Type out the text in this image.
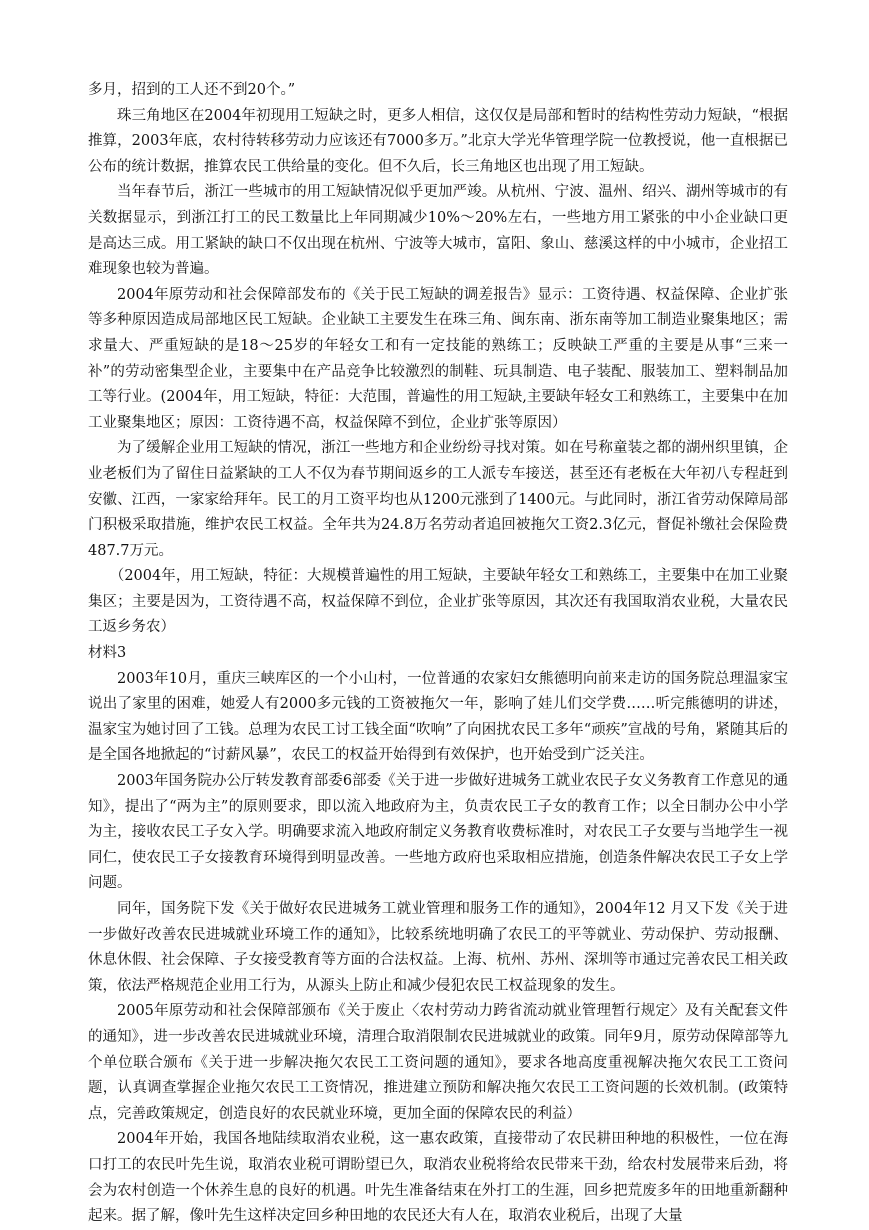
多月，招到的工人还不到20个。”

珠三角地区在2004年初现用工短缺之时，更多人相信，这仅仅是局部和暂时的结构性劳动力短缺，“根据推算，2003年底，农村待转移劳动力应该还有7000多万。”北京大学光华管理学院一位教授说，他一直根据已公布的统计数据，推算农民工供给量的变化。但不久后，长三角地区也出现了用工短缺。

当年春节后，浙江一些城市的用工短缺情况似乎更加严竣。从杭州、宁波、温州、绍兴、湖州等城市的有关数据显示，到浙江打工的民工数量比上年同期减少10%～20%左右，一些地方用工紧张的中小企业缺口更是高达三成。用工紧缺的缺口不仅出现在杭州、宁波等大城市，富阳、象山、慈溪这样的中小城市，企业招工难现象也较为普遍。

2004年原劳动和社会保障部发布的《关于民工短缺的调差报告》显示：工资待遇、权益保障、企业扩张等多种原因造成局部地区民工短缺。企业缺工主要发生在珠三角、闽东南、浙东南等加工制造业聚集地区；需求量大、严重短缺的是18～25岁的年轻女工和有一定技能的熟练工；反映缺工严重的主要是从事“三来一补”的劳动密集型企业，主要集中在产品竞争比较激烈的制鞋、玩具制造、电子装配、服装加工、塑料制品加工等行业。(2004年，用工短缺，特征：大范围，普遍性的用工短缺,主要缺年轻女工和熟练工，主要集中在加工业聚集地区；原因：工资待遇不高，权益保障不到位，企业扩张等原因）

为了缓解企业用工短缺的情况，浙江一些地方和企业纷纷寻找对策。如在号称童装之都的湖州织里镇，企业老板们为了留住日益紧缺的工人不仅为春节期间返乡的工人派专车接送，甚至还有老板在大年初八专程赶到安徽、江西，一家家给拜年。民工的月工资平均也从1200元涨到了1400元。与此同时，浙江省劳动保障局部门积极采取措施，维护农民工权益。全年共为24.8万名劳动者追回被拖欠工资2.3亿元，督促补缴社会保险费487.7万元。

（2004年，用工短缺，特征：大规模普遍性的用工短缺，主要缺年轻女工和熟练工，主要集中在加工业聚集区；主要是因为，工资待遇不高，权益保障不到位，企业扩张等原因，其次还有我国取消农业税，大量农民工返乡务农）

材料3

2003年10月，重庆三峡库区的一个小山村，一位普通的农家妇女熊德明向前来走访的国务院总理温家宝说出了家里的困难，她爱人有2000多元钱的工资被拖欠一年，影响了娃儿们交学费……听完熊德明的讲述，温家宝为她讨回了工钱。总理为农民工讨工钱全面“吹响”了向困扰农民工多年“顽疾”宣战的号角，紧随其后的是全国各地掀起的“讨薪风暴”，农民工的权益开始得到有效保护，也开始受到广泛关注。

2003年国务院办公厅转发教育部委6部委《关于进一步做好进城务工就业农民子女义务教育工作意见的通知》，提出了“两为主”的原则要求，即以流入地政府为主，负责农民工子女的教育工作；以全日制办公中小学为主，接收农民工子女入学。明确要求流入地政府制定义务教育收费标准时，对农民工子女要与当地学生一视同仁，使农民工子女接教育环境得到明显改善。一些地方政府也采取相应措施，创造条件解决农民工子女上学问题。

同年，国务院下发《关于做好农民进城务工就业管理和服务工作的通知》，2004年12 月又下发《关于进一步做好改善农民进城就业环境工作的通知》，比较系统地明确了农民工的平等就业、劳动保护、劳动报酬、休息休假、社会保障、子女接受教育等方面的合法权益。上海、杭州、苏州、深圳等市通过完善农民工相关政策，依法严格规范企业用工行为，从源头上防止和减少侵犯农民工权益现象的发生。

2005年原劳动和社会保障部颁布《关于废止〈农村劳动力跨省流动就业管理暂行规定〉及有关配套文件的通知》，进一步改善农民进城就业环境，清理合取消限制农民进城就业的政策。同年9月，原劳动保障部等九个单位联合颁布《关于进一步解决拖欠农民工工资问题的通知》，要求各地高度重视解决拖欠农民工工资问题，认真调查掌握企业拖欠农民工工资情况，推进建立预防和解决拖欠农民工工资问题的长效机制。(政策特点，完善政策规定，创造良好的农民就业环境，更加全面的保障农民的利益）

2004年开始，我国各地陆续取消农业税，这一惠农政策，直接带动了农民耕田种地的积极性，一位在海口打工的农民叶先生说，取消农业税可谓盼望已久，取消农业税将给农民带来干劲，给农村发展带来后劲，将会为农村创造一个休养生息的良好的机遇。叶先生准备结束在外打工的生涯，回乡把荒废多年的田地重新翻种起来。据了解，像叶先生这样决定回乡种田地的农民还大有人在，取消农业税后，出现了大量
